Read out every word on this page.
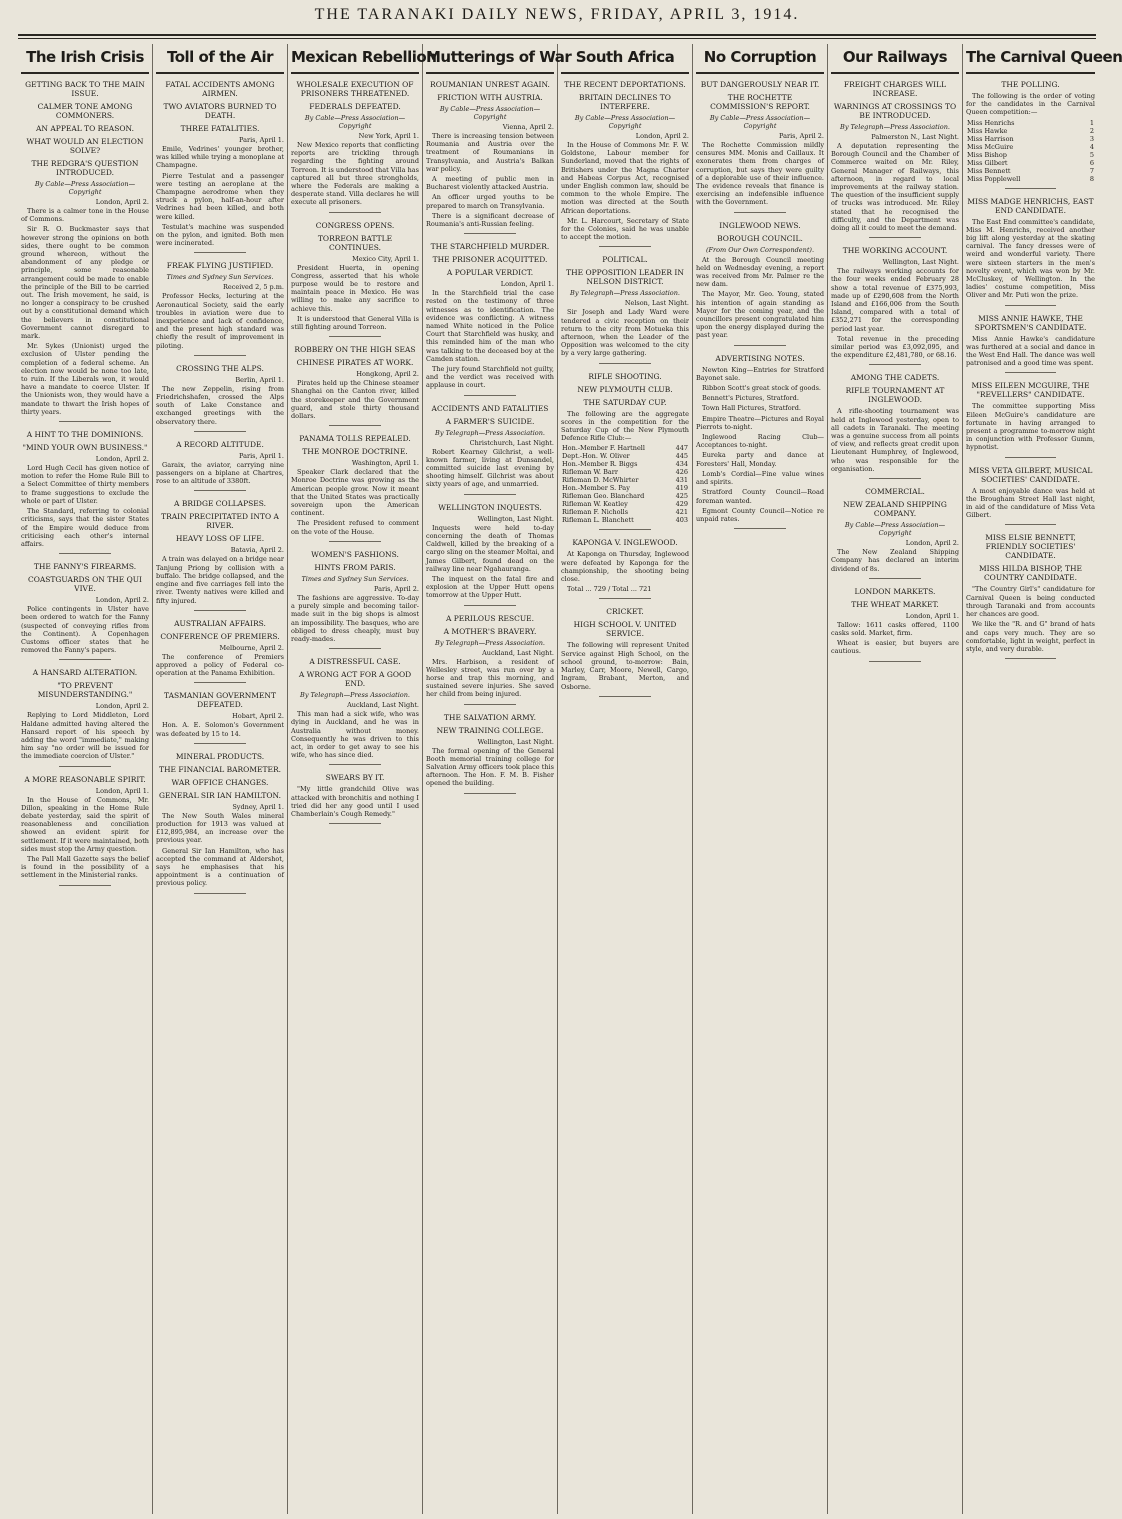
THE TARANAKI DAILY NEWS, FRIDAY, APRIL 3, 1914.
The Irish Crisis
GETTING BACK TO THE MAIN ISSUE.
CALMER TONE AMONG COMMONERS.
AN APPEAL TO REASON.
WHAT WOULD AN ELECTION SOLVE?
THE REDGRA'S QUESTION INTRODUCED.
By Cable—Press Association—Copyright
London, April 2.

There is a calmer tone in the House of Commons.

Sir R. O. Buckmaster says that however strong the opinions on both sides, there ought to be common ground whereon, without the abandonment of any pledge or principle, some reasonable arrangement could be made to enable the principle of the Bill to be carried out. The Irish movement, he said, is no longer a conspiracy to be crushed out by a constitutional demand which the believers in constitutional Government cannot disregard to mark.

Mr. Sykes (Unionist) urged the exclusion of Ulster pending the completion of a federal scheme. An election now would be none too late, to ruin. If the Liberals won, it would have a mandate to coerce Ulster. If the Unionists won, they would have a mandate to thwart the Irish hopes of thirty years.

A HINT TO THE DOMINIONS.
"MIND YOUR OWN BUSINESS."
London, April 2.

Lord Hugh Cecil has given notice of motion to refer the Home Rule Bill to a Select Committee of thirty members to frame suggestions to exclude the whole or part of Ulster.

The Standard, referring to colonial criticisms, says that the sister States of the Empire would deduce from criticising each other's internal affairs.

THE FANNY'S FIREARMS.
COASTGUARDS ON THE QUI VIVE.
London, April 2.

Police contingents in Ulster have been ordered to watch for the Fanny (suspected of conveying rifles from the Continent). A Copenhagen Customs officer states that he removed the Fanny's papers.

A HANSARD ALTERATION.
"TO PREVENT MISUNDERSTANDING."
London, April 2.

Replying to Lord Middleton, Lord Haldane admitted having altered the Hansard report of his speech by adding the word "immediate," making him say "no order will be issued for the immediate coercion of Ulster."

A MORE REASONABLE SPIRIT.
London, April 1.

In the House of Commons, Mr. Dillon, speaking in the Home Rule debate yesterday, said the spirit of reasonableness and conciliation showed an evident spirit for settlement. If it were maintained, both sides must stop the Army question.

The Pall Mall Gazette says the belief is found in the possibility of a settlement in the Ministerial ranks.

Toll of the Air
FATAL ACCIDENTS AMONG AIRMEN.
TWO AVIATORS BURNED TO DEATH.
THREE FATALITIES.
Paris, April 1.

Emile, Vedrines' younger brother, was killed while trying a monoplane at Champagne.

Pierre Testulat and a passenger were testing an aeroplane at the Champagne aerodrome when they struck a pylon, half-an-hour after Vedrines had been killed, and both were killed.

Testulat's machine was suspended on the pylon, and ignited. Both men were incinerated.

FREAK FLYING JUSTIFIED.
Times and Sydney Sun Services.
Received 2, 5 p.m.

Professor Hecks, lecturing at the Aeronautical Society, said the early troubles in aviation were due to inexperience and lack of confidence, and the present high standard was chiefly the result of improvement in piloting.

CROSSING THE ALPS.
Berlin, April 1.

The new Zeppelin, rising from Friedrichshafen, crossed the Alps south of Lake Constance and exchanged greetings with the observatory there.

A RECORD ALTITUDE.
Paris, April 1.

Garaix, the aviator, carrying nine passengers on a biplane at Chartres, rose to an altitude of 3380ft.

A BRIDGE COLLAPSES.
TRAIN PRECIPITATED INTO A RIVER.
HEAVY LOSS OF LIFE.
Batavia, April 2.

A train was delayed on a bridge near Tanjung Priong by collision with a buffalo. The bridge collapsed, and the engine and five carriages fell into the river. Twenty natives were killed and fifty injured.

AUSTRALIAN AFFAIRS.
CONFERENCE OF PREMIERS.
Melbourne, April 2.

The conference of Premiers approved a policy of Federal co-operation at the Panama Exhibition.

TASMANIAN GOVERNMENT DEFEATED.
Hobart, April 2.

Hon. A. E. Solomon's Government was defeated by 15 to 14.

MINERAL PRODUCTS.
THE FINANCIAL BAROMETER.
WAR OFFICE CHANGES.
GENERAL SIR IAN HAMILTON.
Sydney, April 1.

The New South Wales mineral production for 1913 was valued at £12,895,984, an increase over the previous year.

General Sir Ian Hamilton, who has accepted the command at Aldershot, says he emphasises that his appointment is a continuation of previous policy.

Mexican Rebellion
WHOLESALE EXECUTION OF PRISONERS THREATENED.
FEDERALS DEFEATED.
By Cable—Press Association—Copyright
New York, April 1.

New Mexico reports that conflicting reports are trickling through regarding the fighting around Torreon. It is understood that Villa has captured all but three strongholds, where the Federals are making a desperate stand. Villa declares he will execute all prisoners.

CONGRESS OPENS.
TORREON BATTLE CONTINUES.
Mexico City, April 1.

President Huerta, in opening Congress, asserted that his whole purpose would be to restore and maintain peace in Mexico. He was willing to make any sacrifice to achieve this.

It is understood that General Villa is still fighting around Torreon.

ROBBERY ON THE HIGH SEAS
CHINESE PIRATES AT WORK.
Hongkong, April 2.

Pirates held up the Chinese steamer Shanghai on the Canton river, killed the storekeeper and the Government guard, and stole thirty thousand dollars.

PANAMA TOLLS REPEALED.
THE MONROE DOCTRINE.
Washington, April 1.

Speaker Clark declared that the Monroe Doctrine was growing as the American people grow. Now it meant that the United States was practically sovereign upon the American continent.

The President refused to comment on the vote of the House.

WOMEN'S FASHIONS.
HINTS FROM PARIS.
Times and Sydney Sun Services.
Paris, April 2.

The fashions are aggressive. To-day a purely simple and becoming tailor-made suit in the big shops is almost an impossibility. The basques, who are obliged to dress cheaply, must buy ready-mades.

A DISTRESSFUL CASE.
A WRONG ACT FOR A GOOD END.
By Telegraph—Press Association.
Auckland, Last Night.

This man had a sick wife, who was dying in Auckland, and he was in Australia without money. Consequently he was driven to this act, in order to get away to see his wife, who has since died.

SWEARS BY IT.

"My little grandchild Olive was attacked with bronchitis and nothing I tried did her any good until I used Chamberlain's Cough Remedy."

Mutterings of War
ROUMANIAN UNREST AGAIN.
FRICTION WITH AUSTRIA.
By Cable—Press Association—Copyright
Vienna, April 2.

There is increasing tension between Roumania and Austria over the treatment of Roumanians in Transylvania, and Austria's Balkan war policy.

A meeting of public men in Bucharest violently attacked Austria.

An officer urged youths to be prepared to march on Transylvania.

There is a significant decrease of Roumania's anti-Russian feeling.

THE STARCHFIELD MURDER.
THE PRISONER ACQUITTED.
A POPULAR VERDICT.
London, April 1.

In the Starchfield trial the case rested on the testimony of three witnesses as to identification. The evidence was conflicting. A witness named White noticed in the Police Court that Starchfield was husky, and this reminded him of the man who was talking to the deceased boy at the Camden station.

The jury found Starchfield not guilty, and the verdict was received with applause in court.

ACCIDENTS AND FATALITIES
A FARMER'S SUICIDE.
By Telegraph—Press Association.
Christchurch, Last Night.

Robert Kearney Gilchrist, a well-known farmer, living at Dunsandel, committed suicide last evening by shooting himself. Gilchrist was about sixty years of age, and unmarried.

WELLINGTON INQUESTS.
Wellington, Last Night.

Inquests were held to-day concerning the death of Thomas Caldwell, killed by the breaking of a cargo sling on the steamer Moltai, and James Gilbert, found dead on the railway line near Ngahauranga.

The inquest on the fatal fire and explosion at the Upper Hutt opens tomorrow at the Upper Hutt.

A PERILOUS RESCUE.
A MOTHER'S BRAVERY.
By Telegraph—Press Association.
Auckland, Last Night.

Mrs. Harbison, a resident of Wellesley street, was run over by a horse and trap this morning, and sustained severe injuries. She saved her child from being injured.

THE SALVATION ARMY.
NEW TRAINING COLLEGE.
Wellington, Last Night.

The formal opening of the General Booth memorial training college for Salvation Army officers took place this afternoon. The Hon. F. M. B. Fisher opened the building.

South Africa
THE RECENT DEPORTATIONS.
BRITAIN DECLINES TO INTERFERE.
By Cable—Press Association—Copyright
London, April 2.

In the House of Commons Mr. F. W. Goldstone, Labour member for Sunderland, moved that the rights of Britishers under the Magna Charter and Habeas Corpus Act, recognised under English common law, should be common to the whole Empire. The motion was directed at the South African deportations.

Mr. L. Harcourt, Secretary of State for the Colonies, said he was unable to accept the motion.

POLITICAL.
THE OPPOSITION LEADER IN NELSON DISTRICT.
By Telegraph—Press Association.
Nelson, Last Night.

Sir Joseph and Lady Ward were tendered a civic reception on their return to the city from Motueka this afternoon, when the Leader of the Opposition was welcomed to the city by a very large gathering.

RIFLE SHOOTING.
NEW PLYMOUTH CLUB.
THE SATURDAY CUP.

The following are the aggregate scores in the competition for the Saturday Cup of the New Plymouth Defence Rifle Club:—

Hon.-Member F. Hartnell	447
Dept.-Hon. W. Oliver	445
Hon.-Member R. Biggs	434
Rifleman W. Barr	426
Rifleman D. McWhirter	431
Hon.-Member S. Pay	419
Rifleman Geo. Blanchard	425
Rifleman W. Keatley	429
Rifleman F. Nicholls	421
Rifleman L. Blanchett	403
KAPONGA V. INGLEWOOD.

At Kaponga on Thursday, Inglewood were defeated by Kaponga for the championship, the shooting being close.

Total ... 729 / Total ... 721

CRICKET.
HIGH SCHOOL V. UNITED SERVICE.

The following will represent United Service against High School, on the school ground, to-morrow: Bain, Marley, Carr, Moore, Newell, Cargo, Ingram, Brabant, Merton, and Osborne.

No Corruption
BUT DANGEROUSLY NEAR IT.
THE ROCHETTE COMMISSION'S REPORT.
By Cable—Press Association—Copyright
Paris, April 2.

The Rochette Commission mildly censures MM. Monis and Caillaux. It exonerates them from charges of corruption, but says they were guilty of a deplorable use of their influence. The evidence reveals that finance is exercising an indefensible influence with the Government.

INGLEWOOD NEWS.
BOROUGH COUNCIL.
(From Our Own Correspondent).

At the Borough Council meeting held on Wednesday evening, a report was received from Mr. Palmer re the new dam.

The Mayor, Mr. Geo. Young, stated his intention of again standing as Mayor for the coming year, and the councillors present congratulated him upon the energy displayed during the past year.

ADVERTISING NOTES.

Newton King—Entries for Stratford Bayonet sale.

Ribbon Scott's great stock of goods.

Bennett's Pictures, Stratford.

Town Hall Pictures, Stratford.

Empire Theatre—Pictures and Royal Pierrots to-night.

Inglewood Racing Club—Acceptances to-night.

Eureka party and dance at Foresters' Hall, Monday.

Lomb's Cordial—Fine value wines and spirits.

Stratford County Council—Road foreman wanted.

Egmont County Council—Notice re unpaid rates.

Our Railways
FREIGHT CHARGES WILL INCREASE.
WARNINGS AT CROSSINGS TO BE INTRODUCED.
By Telegraph—Press Association.
Palmerston N., Last Night.

A deputation representing the Borough Council and the Chamber of Commerce waited on Mr. Riley, General Manager of Railways, this afternoon, in regard to local improvements at the railway station. The question of the insufficient supply of trucks was introduced. Mr. Riley stated that he recognised the difficulty, and the Department was doing all it could to meet the demand.

THE WORKING ACCOUNT.
Wellington, Last Night.

The railways working accounts for the four weeks ended February 28 show a total revenue of £375,993, made up of £290,608 from the North Island and £166,006 from the South Island, compared with a total of £352,271 for the corresponding period last year.

Total revenue in the preceding similar period was £3,092,095, and the expenditure £2,481,780, or 68.16.

AMONG THE CADETS.
RIFLE TOURNAMENT AT INGLEWOOD.

A rifle-shooting tournament was held at Inglewood yesterday, open to all cadets in Taranaki. The meeting was a genuine success from all points of view, and reflects great credit upon Lieutenant Humphrey, of Inglewood, who was responsible for the organisation.

COMMERCIAL.
NEW ZEALAND SHIPPING COMPANY.
By Cable—Press Association—Copyright
London, April 2.

The New Zealand Shipping Company has declared an interim dividend of 8s.

LONDON MARKETS.
THE WHEAT MARKET.
London, April 1.

Tallow: 1611 casks offered, 1100 casks sold. Market, firm.

Wheat is easier, but buyers are cautious.

The Carnival Queen
THE POLLING.

The following is the order of voting for the candidates in the Carnival Queen competition:—

Miss Henrichs	1
Miss Hawke	2
Miss Harrison	3
Miss McGuire	4
Miss Bishop	5
Miss Gilbert	6
Miss Bennett	7
Miss Popplewell	8
MISS MADGE HENRICHS, EAST END CANDIDATE.

The East End committee's candidate, Miss M. Henrichs, received another big lift along yesterday at the skating carnival. The fancy dresses were of weird and wonderful variety. There were sixteen starters in the men's novelty event, which was won by Mr. McCluskey, of Wellington. In the ladies' costume competition, Miss Oliver and Mr. Puti won the prize.

MISS ANNIE HAWKE, THE SPORTSMEN'S CANDIDATE.

Miss Annie Hawke's candidature was furthered at a social and dance in the West End Hall. The dance was well patronised and a good time was spent.

MISS EILEEN MCGUIRE, THE "REVELLERS" CANDIDATE.

The committee supporting Miss Eileen McGuire's candidature are fortunate in having arranged to present a programme to-morrow night in conjunction with Professor Gumm, hypnotist.

MISS VETA GILBERT, MUSICAL SOCIETIES' CANDIDATE.

A most enjoyable dance was held at the Brougham Street Hall last night, in aid of the candidature of Miss Veta Gilbert.

MISS ELSIE BENNETT, FRIENDLY SOCIETIES' CANDIDATE.
MISS HILDA BISHOP, THE COUNTRY CANDIDATE.

"The Country Girl's" candidature for Carnival Queen is being conducted through Taranaki and from accounts her chances are good.

We like the "R. and G" brand of hats and caps very much. They are so comfortable, light in weight, perfect in style, and very durable.
